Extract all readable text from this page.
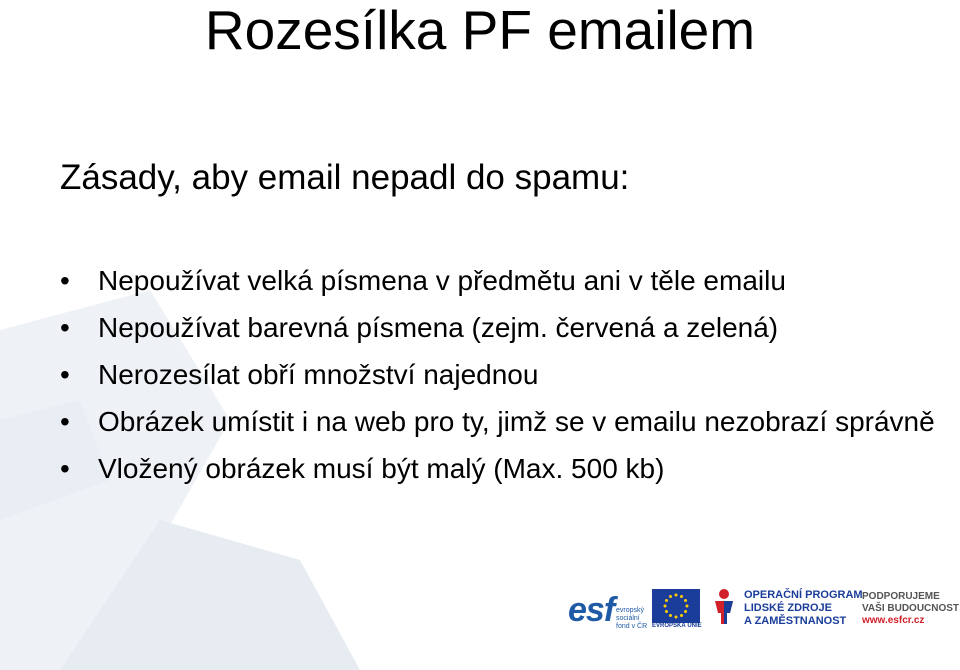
Rozesílka PF emailem
Zásady, aby email nepadl do spamu:
• Nepoužívat velká písmena v předmětu ani v těle emailu
• Nepoužívat barevná písmena (zejm. červená a zelená)
• Nerozesílat obří množství najednou
• Obrázek umístit i na web pro ty, jimž se v emailu nezobrazí správně
• Vložený obrázek musí být malý (Max. 500 kb)
esf evropský
sociální
fond v ČR EVROPSKÁ UNIE
OPERAČNÍ PROGRAM
LIDSKÉ ZDROJE
A ZAMĚSTNANOST
PODPORUJEME
VAŠI BUDOUCNOST
www.esfcr.cz
